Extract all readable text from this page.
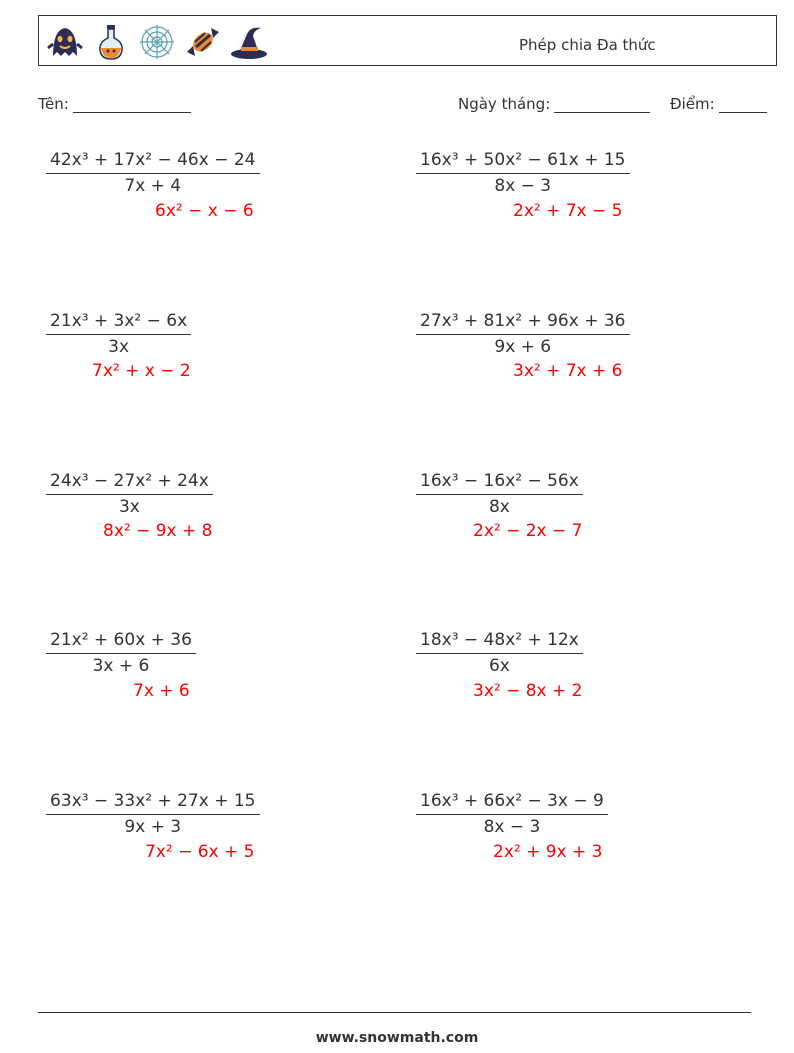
Phép chia Đa thức
Tên:	Ngày tháng:	Điểm:
$\frac{\text{42x³ + 17x² − 46x − 24}}{7x + 4}$
6x² − x − 6
$\frac{\text{16x³ + 50x² − 61x + 15}}{8x - 3}$
2x² + 7x − 5
$\frac{\text{21x³ + 3x² − 6x}}{3x}$
7x² + x − 2
$\frac{\text{27x³ + 81x² + 96x + 36}}{9x + 6}$
3x² + 7x + 6
$\frac{\text{24x³ − 27x² + 24x}}{3x}$
8x² − 9x + 8
$\frac{\text{16x³ − 16x² − 56x}}{8x}$
2x² − 2x − 7
$\frac{\text{21x² + 60x + 36}}{3x + 6}$
7x + 6
$\frac{\text{18x³ − 48x² + 12x}}{6x}$
3x² − 8x + 2
$\frac{\text{63x³ − 33x² + 27x + 15}}{9x + 3}$
7x² − 6x + 5
$\frac{\text{16x³ + 66x² − 3x − 9}}{8x - 3}$
2x² + 9x + 3
www.snowmath.com
